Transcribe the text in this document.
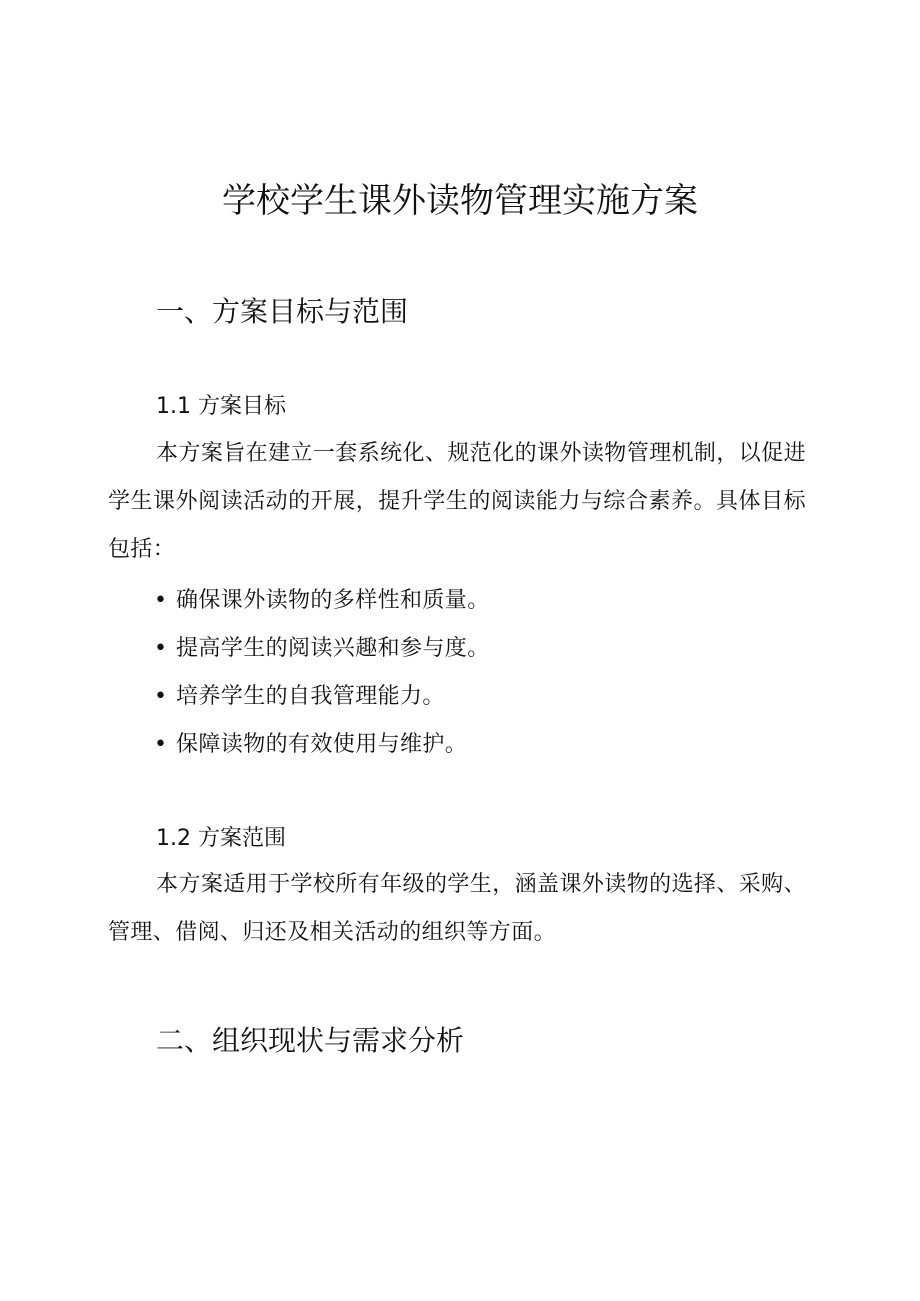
学校学生课外读物管理实施方案
一、方案目标与范围
1.1 方案目标

本方案旨在建立一套系统化、规范化的课外读物管理机制，以促进学生课外阅读活动的开展，提升学生的阅读能力与综合素养。具体目标包括：

• 确保课外读物的多样性和质量。
• 提高学生的阅读兴趣和参与度。
• 培养学生的自我管理能力。
• 保障读物的有效使用与维护。
1.2 方案范围

本方案适用于学校所有年级的学生，涵盖课外读物的选择、采购、管理、借阅、归还及相关活动的组织等方面。

二、组织现状与需求分析
